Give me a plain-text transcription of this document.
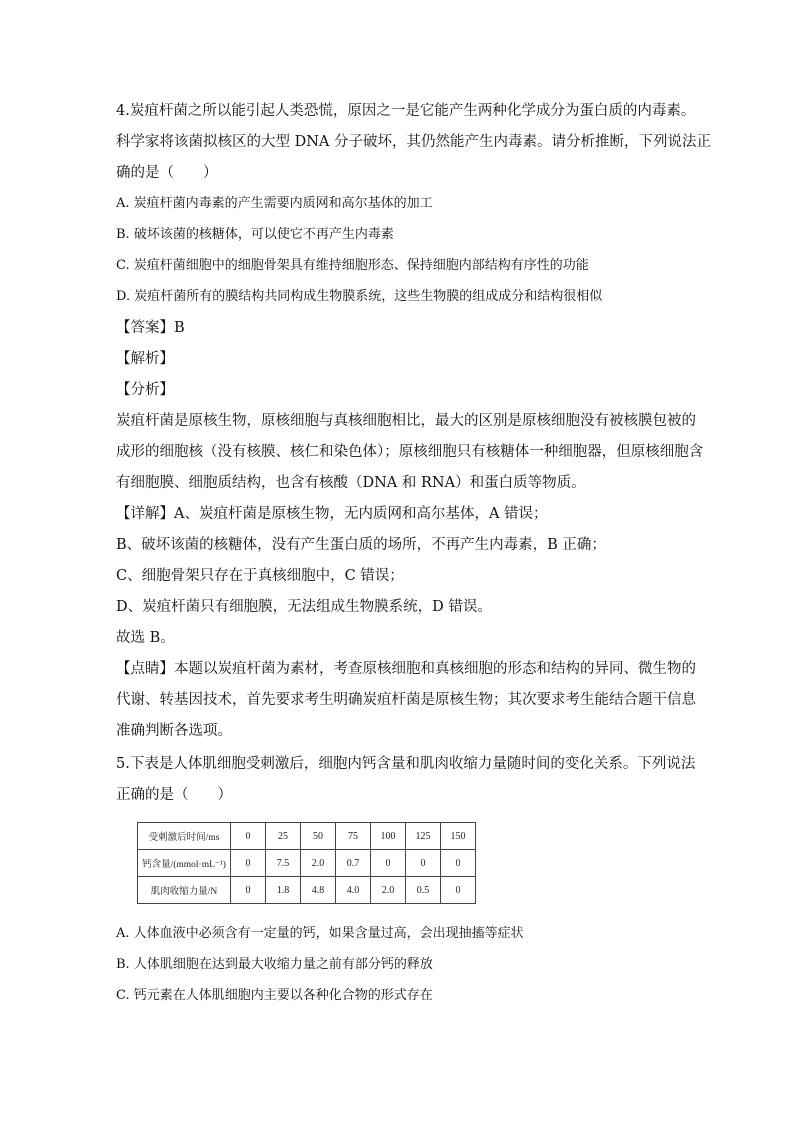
4.炭疽杆菌之所以能引起人类恐慌，原因之一是它能产生两种化学成分为蛋白质的内毒素。
科学家将该菌拟核区的大型 DNA 分子破坏，其仍然能产生内毒素。请分析推断，下列说法正
确的是（　　）
A. 炭疽杆菌内毒素的产生需要内质网和高尔基体的加工
B. 破坏该菌的核糖体，可以使它不再产生内毒素
C. 炭疽杆菌细胞中的细胞骨架具有维持细胞形态、保持细胞内部结构有序性的功能
D. 炭疽杆菌所有的膜结构共同构成生物膜系统，这些生物膜的组成成分和结构很相似
【答案】B
【解析】
【分析】
炭疽杆菌是原核生物，原核细胞与真核细胞相比，最大的区别是原核细胞没有被核膜包被的
成形的细胞核（没有核膜、核仁和染色体）；原核细胞只有核糖体一种细胞器，但原核细胞含
有细胞膜、细胞质结构，也含有核酸（DNA 和 RNA）和蛋白质等物质。
【详解】A、炭疽杆菌是原核生物，无内质网和高尔基体，A 错误；
B、破坏该菌的核糖体，没有产生蛋白质的场所，不再产生内毒素，B 正确；
C、细胞骨架只存在于真核细胞中，C 错误；
D、炭疽杆菌只有细胞膜，无法组成生物膜系统，D 错误。
故选 B。
【点睛】本题以炭疽杆菌为素材，考查原核细胞和真核细胞的形态和结构的异同、微生物的
代谢、转基因技术，首先要求考生明确炭疽杆菌是原核生物；其次要求考生能结合题干信息
准确判断各选项。
5.下表是人体肌细胞受刺激后，细胞内钙含量和肌肉收缩力量随时间的变化关系。下列说法
正确的是（　　）
受刺激后时间/ms	0	25	50	75	100	125	150
钙含量/(mmol·mL⁻¹)	0	7.5	2.0	0.7	0	0	0
肌肉收缩力量/N	0	1.8	4.8	4.0	2.0	0.5	0
A. 人体血液中必须含有一定量的钙，如果含量过高，会出现抽搐等症状
B. 人体肌细胞在达到最大收缩力量之前有部分钙的释放
C. 钙元素在人体肌细胞内主要以各种化合物的形式存在
